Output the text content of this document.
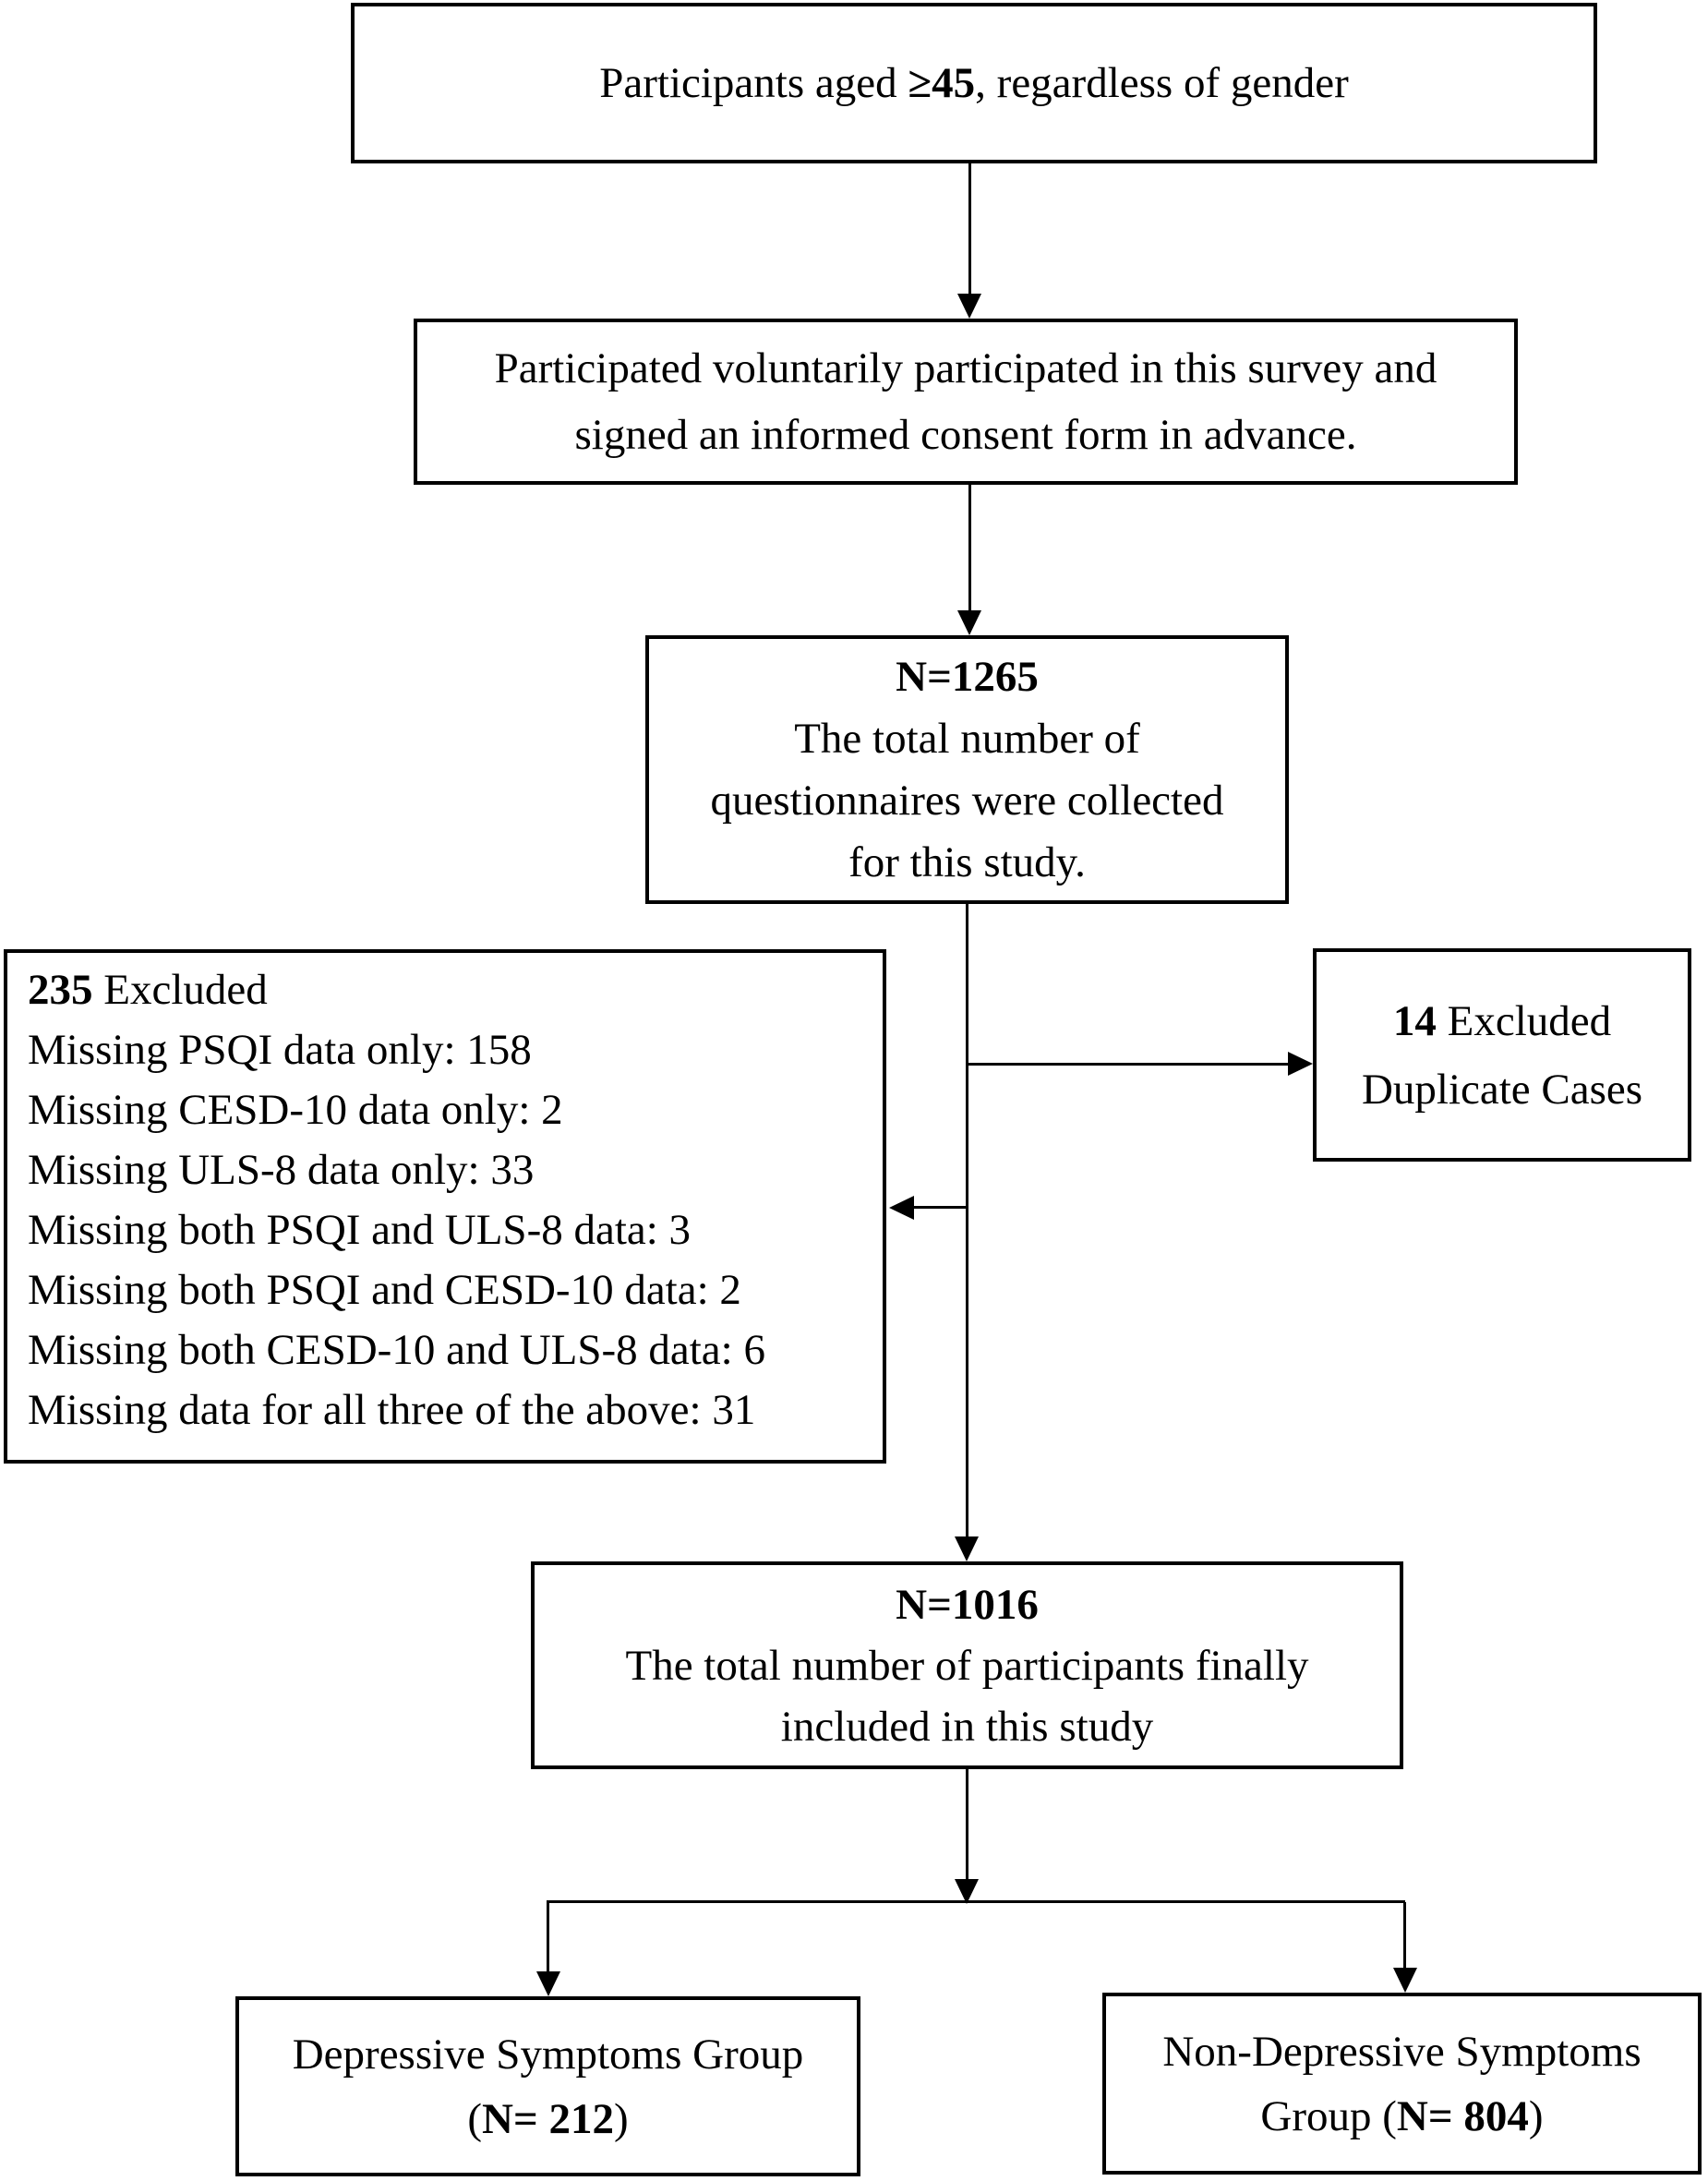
Participants aged ≥45, regardless of gender
Participated voluntarily participated in this survey and
signed an informed consent form in advance.
N=1265
The total number of
questionnaires were collected
for this study.
235 Excluded
Missing PSQI data only: 158
Missing CESD-10 data only: 2
Missing ULS-8 data only: 33
Missing both PSQI and ULS-8 data: 3
Missing both PSQI and CESD-10 data: 2
Missing both CESD-10 and ULS-8 data: 6
Missing data for all three of the above: 31
14 Excluded
Duplicate Cases
N=1016
The total number of participants finally
included in this study
Depressive Symptoms Group
(N= 212)
Non-Depressive Symptoms
Group (N= 804)
